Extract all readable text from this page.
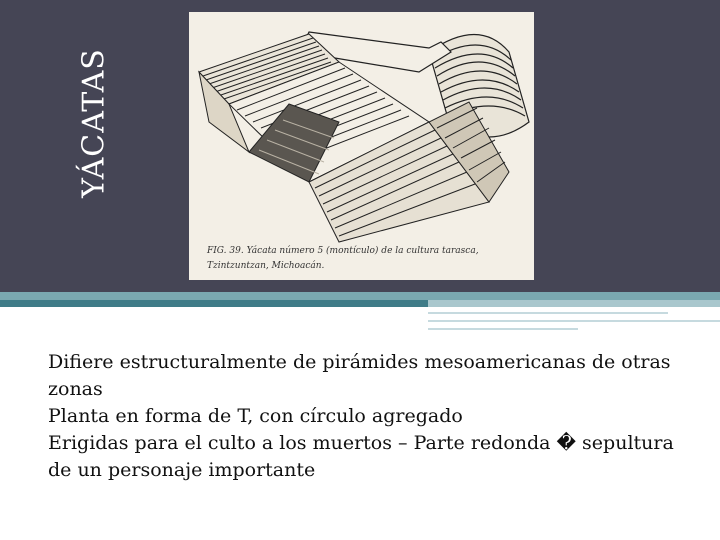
YÁCATAS
FIG. 39. Yácata número 5 (montículo) de la cultura tarasca, Tzintzuntzan, Michoacán.
Difiere estructuralmente de pirámides mesoamericanas de otras zonas
Planta en forma de T, con círculo agregado
Erigidas para el culto a los muertos – Parte redonda � sepultura de un personaje importante
